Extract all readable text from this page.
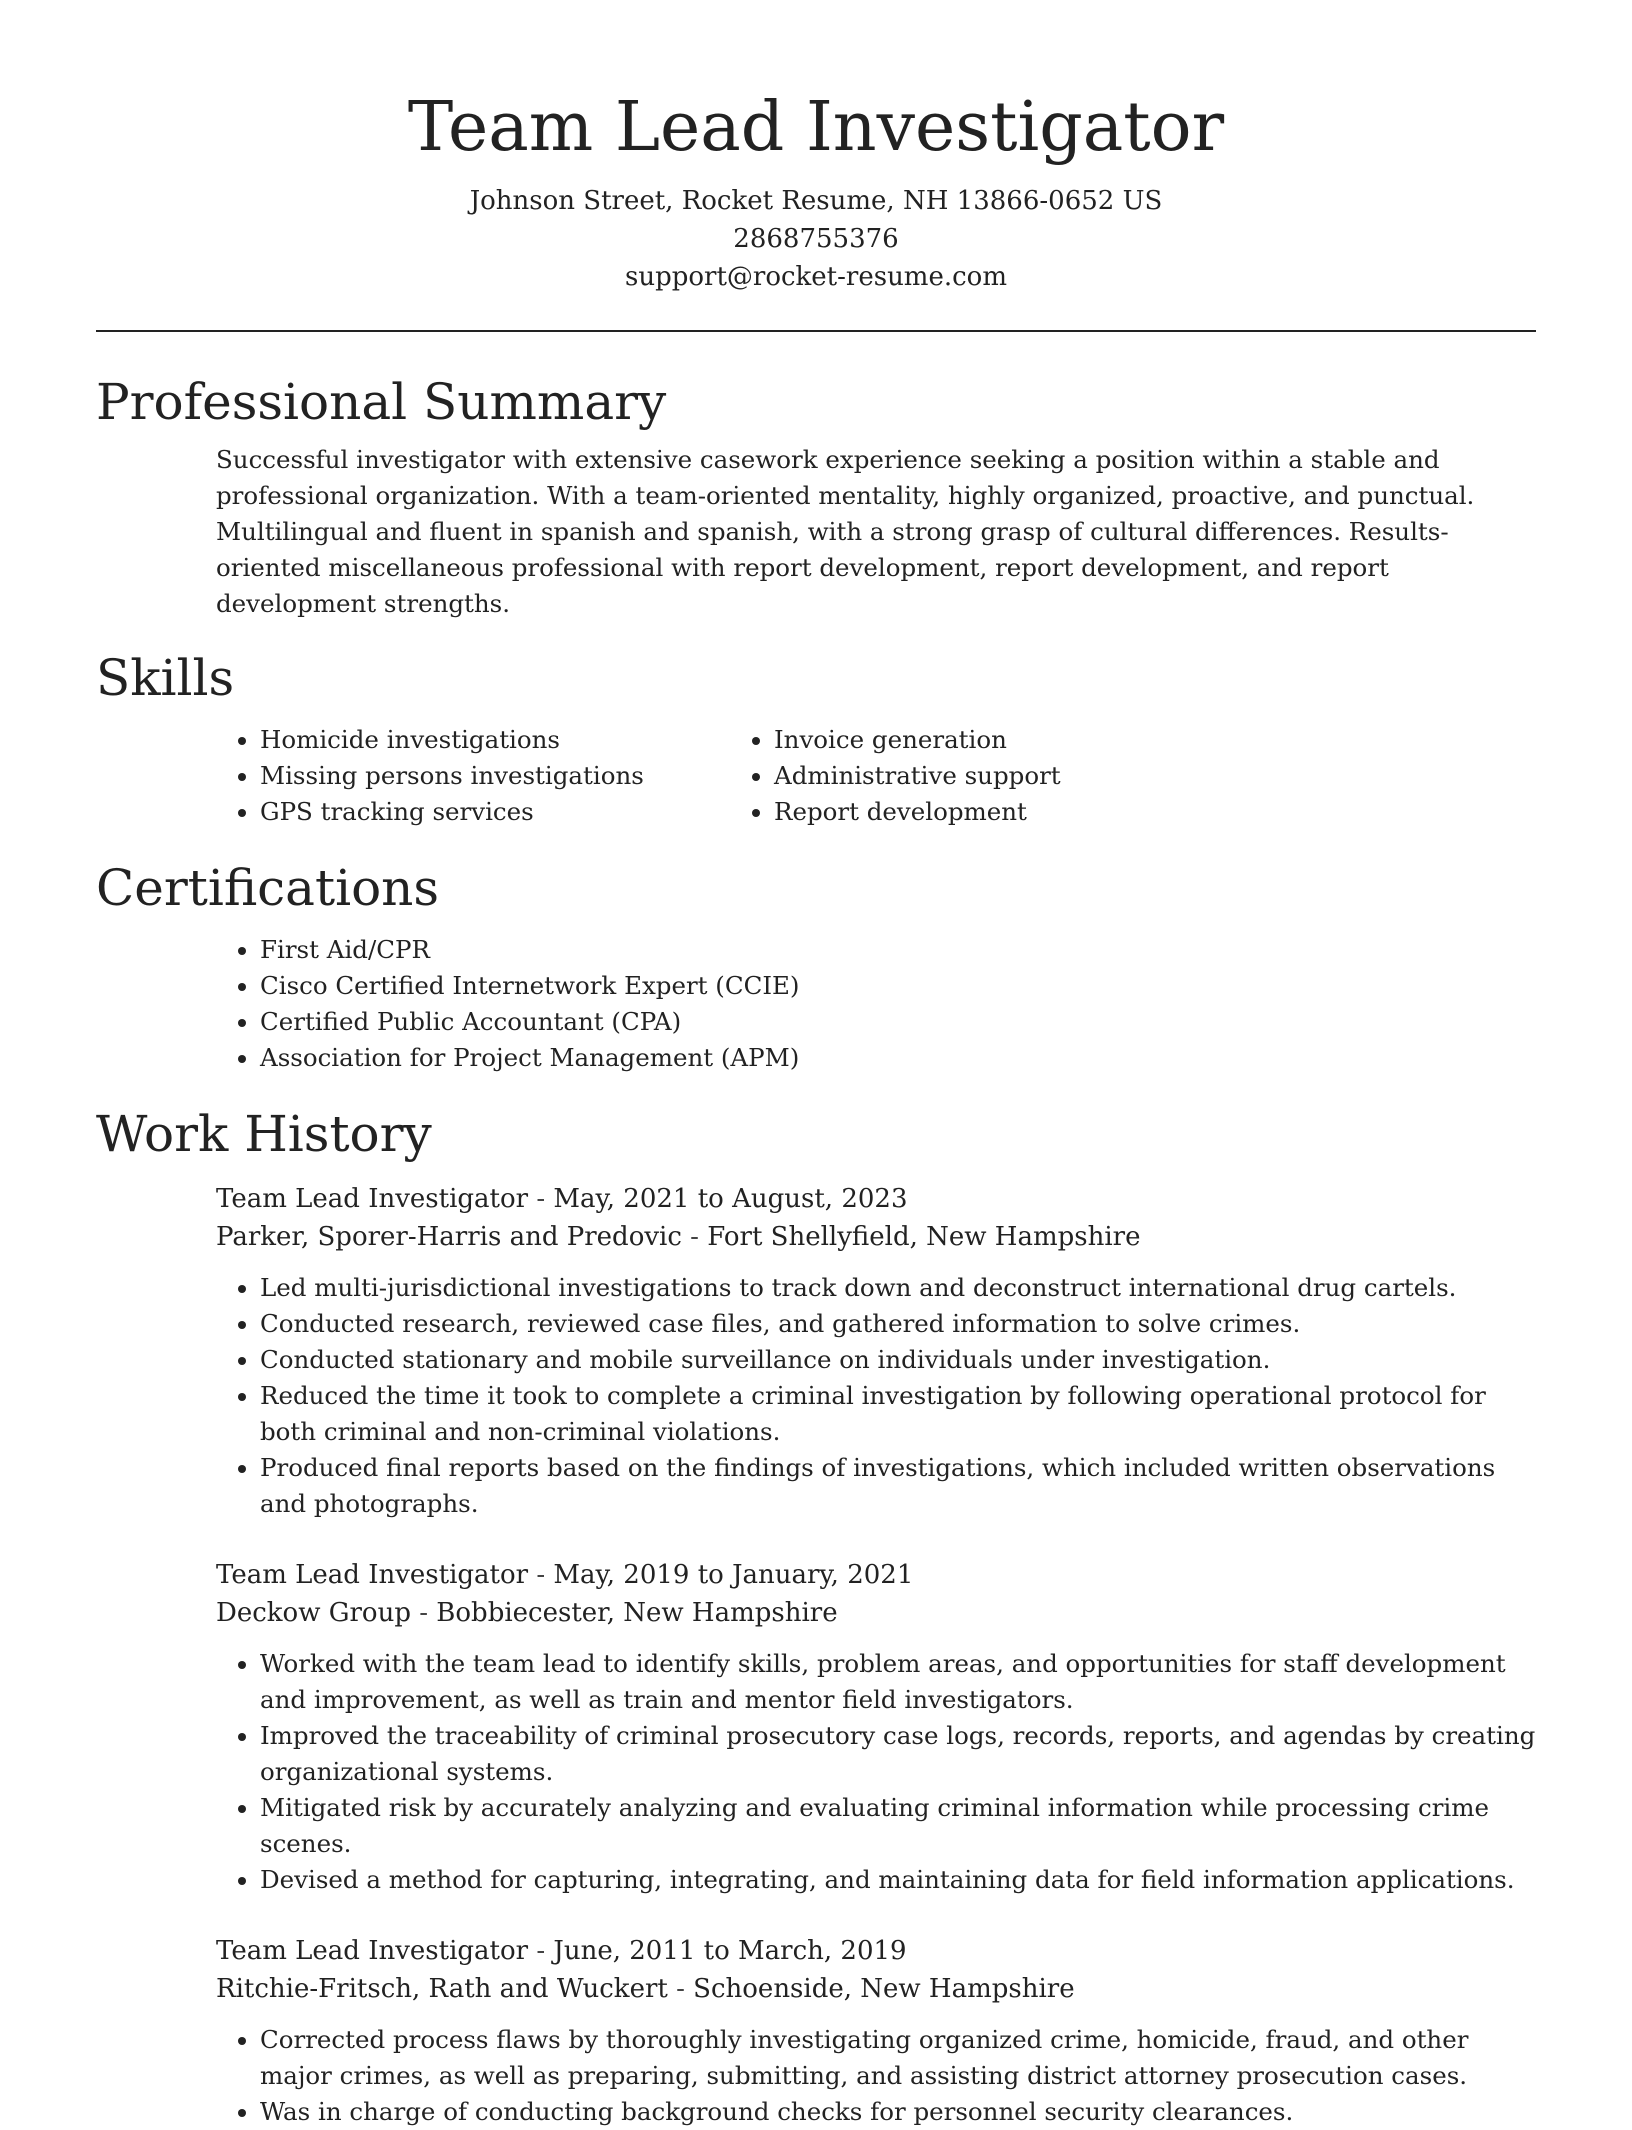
Team Lead Investigator

Johnson Street, Rocket Resume, NH 13866-0652 US

2868755376

support@rocket-resume.com

Professional Summary

Successful investigator with extensive casework experience seeking a position within a stable and professional organization. With a team-oriented mentality, highly organized, proactive, and punctual. Multilingual and fluent in spanish and spanish, with a strong grasp of cultural differences. Results-oriented miscellaneous professional with report development, report development, and report development strengths.

Skills
• Homicide investigations
• Missing persons investigations
• GPS tracking services
• Invoice generation
• Administrative support
• Report development
Certifications
• First Aid/CPR
• Cisco Certified Internetwork Expert (CCIE)
• Certified Public Accountant (CPA)
• Association for Project Management (APM)
Work History

Team Lead Investigator - May, 2021 to August, 2023

Parker, Sporer-Harris and Predovic - Fort Shellyfield, New Hampshire

• Led multi-jurisdictional investigations to track down and deconstruct international drug cartels.
• Conducted research, reviewed case files, and gathered information to solve crimes.
• Conducted stationary and mobile surveillance on individuals under investigation.
• Reduced the time it took to complete a criminal investigation by following operational protocol for both criminal and non-criminal violations.
• Produced final reports based on the findings of investigations, which included written observations and photographs.

Team Lead Investigator - May, 2019 to January, 2021

Deckow Group - Bobbiecester, New Hampshire

• Worked with the team lead to identify skills, problem areas, and opportunities for staff development and improvement, as well as train and mentor field investigators.
• Improved the traceability of criminal prosecutory case logs, records, reports, and agendas by creating organizational systems.
• Mitigated risk by accurately analyzing and evaluating criminal information while processing crime scenes.
• Devised a method for capturing, integrating, and maintaining data for field information applications.

Team Lead Investigator - June, 2011 to March, 2019

Ritchie-Fritsch, Rath and Wuckert - Schoenside, New Hampshire

• Corrected process flaws by thoroughly investigating organized crime, homicide, fraud, and other major crimes, as well as preparing, submitting, and assisting district attorney prosecution cases.
• Was in charge of conducting background checks for personnel security clearances.
